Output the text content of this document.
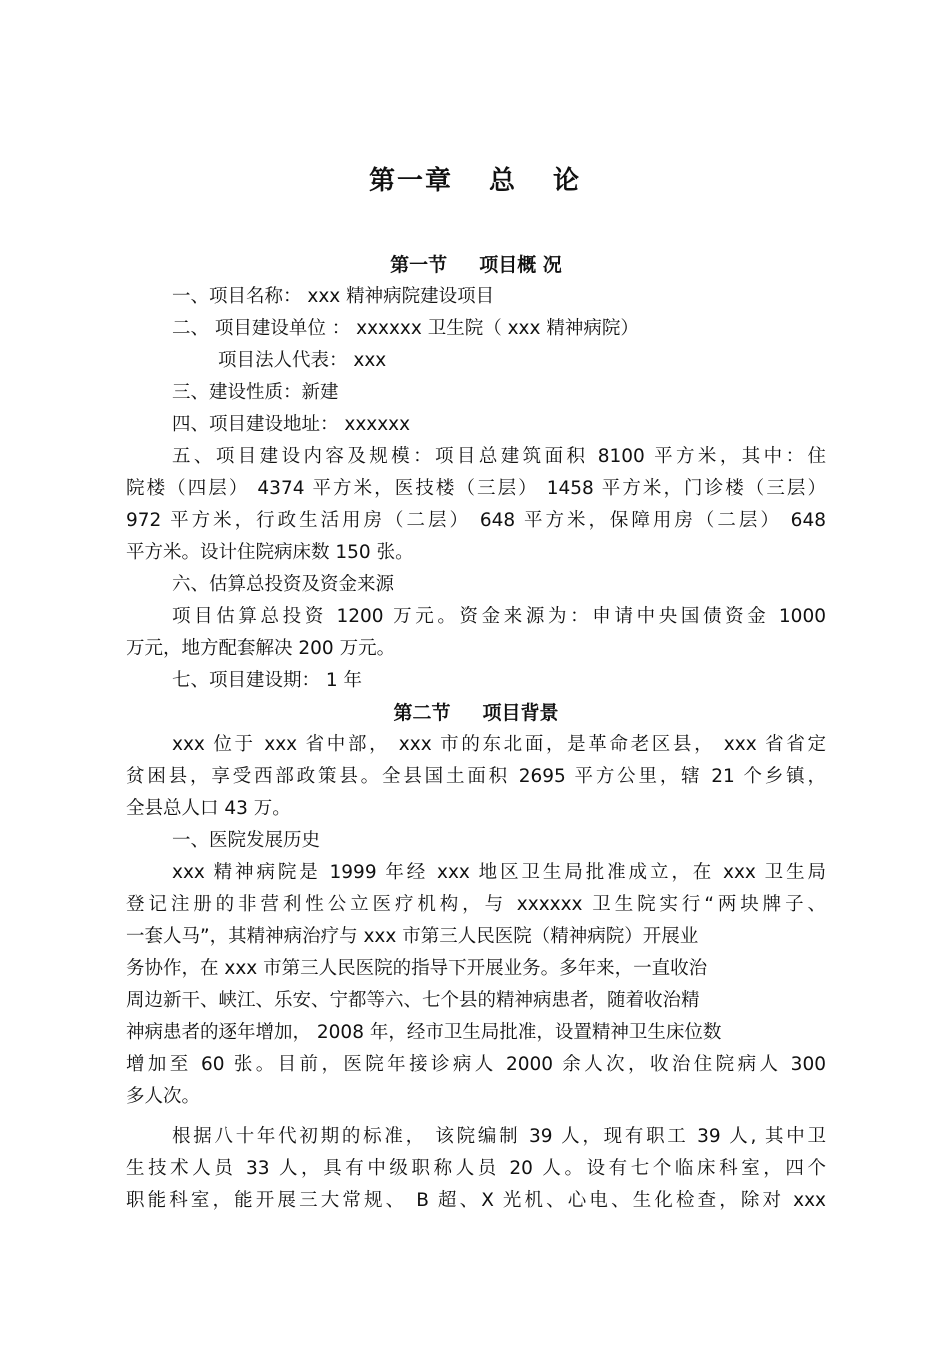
第一章 总 论
第一节 项目概 况
一、项目名称： xxx 精神病院建设项目
二、 项目建设单位 ： xxxxxx 卫生院（ xxx 精神病院）
项目法人代表： xxx
三、建设性质：新建
四、项目建设地址： xxxxxx
五、项目建设内容及规模：项目总建筑面积 8100 平方米，其中：住
院楼（四层） 4374 平方米，医技楼（三层） 1458 平方米，门诊楼（三层）
972 平方米，行政生活用房（二层） 648 平方米，保障用房（二层） 648
平方米。设计住院病床数 150 张。
六、估算总投资及资金来源
项目估算总投资 1200 万元。资金来源为：申请中央国债资金 1000
万元，地方配套解决 200 万元。
七、项目建设期： 1 年
第二节 项目背景
xxx 位于 xxx 省中部， xxx 市的东北面，是革命老区县， xxx 省省定
贫困县，享受西部政策县。全县国土面积 2695 平方公里，辖 21 个乡镇，
全县总人口 43 万。
一、医院发展历史
xxx 精神病院是 1999 年经 xxx 地区卫生局批准成立，在 xxx 卫生局
登记注册的非营利性公立医疗机构，与 xxxxxx 卫生院实行“两块牌子、
一套人马”，其精神病治疗与 xxx 市第三人民医院（精神病院）开展业
务协作，在 xxx 市第三人民医院的指导下开展业务。多年来，一直收治
周边新干、峡江、乐安、宁都等六、七个县的精神病患者，随着收治精
神病患者的逐年增加， 2008 年，经市卫生局批准，设置精神卫生床位数
增加至 60 张。目前，医院年接诊病人 2000 余人次，收治住院病人 300
多人次。
根据八十年代初期的标准， 该院编制 39 人，现有职工 39 人, 其中卫
生技术人员 33 人，具有中级职称人员 20 人。设有七个临床科室，四个
职能科室，能开展三大常规、 B 超、X 光机、心电、生化检查，除对 xxx
